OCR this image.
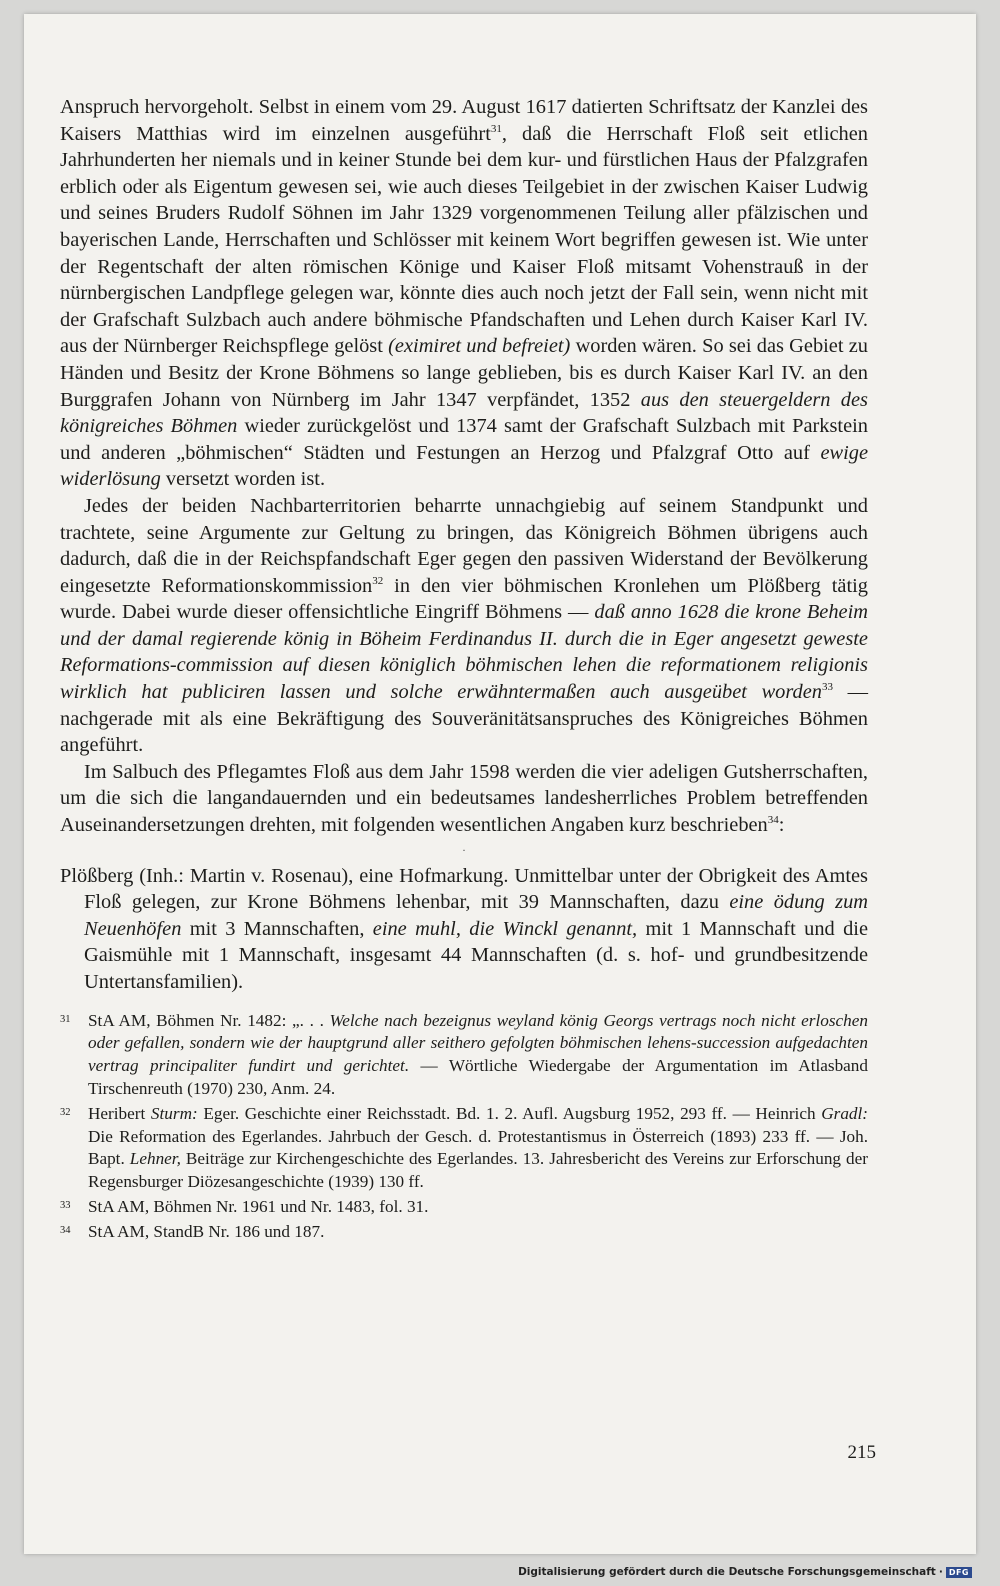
Anspruch hervorgeholt. Selbst in einem vom 29. August 1617 datierten Schriftsatz der Kanzlei des Kaisers Matthias wird im einzelnen ausgeführt$^{31}$, daß die Herrschaft Floß seit etlichen Jahrhunderten her niemals und in keiner Stunde bei dem kur- und fürstlichen Haus der Pfalzgrafen erblich oder als Eigentum gewesen sei, wie auch dieses Teilgebiet in der zwischen Kaiser Ludwig und seines Bruders Rudolf Söhnen im Jahr 1329 vorgenommenen Teilung aller pfälzischen und bayerischen Lande, Herrschaften und Schlösser mit keinem Wort begriffen gewesen ist. Wie unter der Regentschaft der alten römischen Könige und Kaiser Floß mitsamt Vohenstrauß in der nürnbergischen Landpflege gelegen war, könnte dies auch noch jetzt der Fall sein, wenn nicht mit der Grafschaft Sulzbach auch andere böhmische Pfandschaften und Lehen durch Kaiser Karl IV. aus der Nürnberger Reichspflege gelöst (eximiret und befreiet) worden wären. So sei das Gebiet zu Händen und Besitz der Krone Böhmens so lange geblieben, bis es durch Kaiser Karl IV. an den Burggrafen Johann von Nürnberg im Jahr 1347 verpfändet, 1352 aus den steuergeldern des königreiches Böhmen wieder zurückgelöst und 1374 samt der Grafschaft Sulzbach mit Parkstein und anderen „böhmischen“ Städten und Festungen an Herzog und Pfalzgraf Otto auf ewige widerlösung versetzt worden ist.

Jedes der beiden Nachbarterritorien beharrte unnachgiebig auf seinem Standpunkt und trachtete, seine Argumente zur Geltung zu bringen, das Königreich Böhmen übrigens auch dadurch, daß die in der Reichspfandschaft Eger gegen den passiven Widerstand der Bevölkerung eingesetzte Reformationskommission$^{32}$ in den vier böhmischen Kronlehen um Plößberg tätig wurde. Dabei wurde dieser offensichtliche Eingriff Böhmens — daß anno 1628 die krone Beheim und der damal regierende könig in Böheim Ferdinandus II. durch die in Eger angesetzt geweste Reformations-commission auf diesen königlich böhmischen lehen die reformationem religionis wirklich hat publiciren lassen und solche erwähntermaßen auch ausgeübet worden$^{33}$ — nachgerade mit als eine Bekräftigung des Souveränitätsanspruches des Königreiches Böhmen angeführt.

Im Salbuch des Pflegamtes Floß aus dem Jahr 1598 werden die vier adeligen Gutsherrschaften, um die sich die langandauernden und ein bedeutsames landesherrliches Problem betreffenden Auseinandersetzungen drehten, mit folgenden wesentlichen Angaben kurz beschrieben$^{34}$:

·

Plößberg (Inh.: Martin v. Rosenau), eine Hofmarkung. Unmittelbar unter der Obrigkeit des Amtes Floß gelegen, zur Krone Böhmens lehenbar, mit 39 Mannschaften, dazu eine ödung zum Neuenhöfen mit 3 Mannschaften, eine muhl, die Winckl genannt, mit 1 Mannschaft und die Gaismühle mit 1 Mannschaft, insgesamt 44 Mannschaften (d. s. hof- und grundbesitzende Untertansfamilien).

31 StA AM, Böhmen Nr. 1482: „. . . Welche nach bezeignus weyland könig Georgs vertrags noch nicht erloschen oder gefallen, sondern wie der hauptgrund aller seithero gefolgten böhmischen lehens-succession aufgedachten vertrag principaliter fundirt und gerichtet. — Wörtliche Wiedergabe der Argumentation im Atlasband Tirschenreuth (1970) 230, Anm. 24.
32 Heribert Sturm: Eger. Geschichte einer Reichsstadt. Bd. 1. 2. Aufl. Augsburg 1952, 293 ff. — Heinrich Gradl: Die Reformation des Egerlandes. Jahrbuch der Gesch. d. Protestantismus in Österreich (1893) 233 ff. — Joh. Bapt. Lehner, Beiträge zur Kirchengeschichte des Egerlandes. 13. Jahresbericht des Vereins zur Erforschung der Regensburger Diözesangeschichte (1939) 130 ff.
33 StA AM, Böhmen Nr. 1961 und Nr. 1483, fol. 31.
34 StA AM, StandB Nr. 186 und 187.
215
Digitalisierung gefördert durch die Deutsche Forschungsgemeinschaft · DFG
